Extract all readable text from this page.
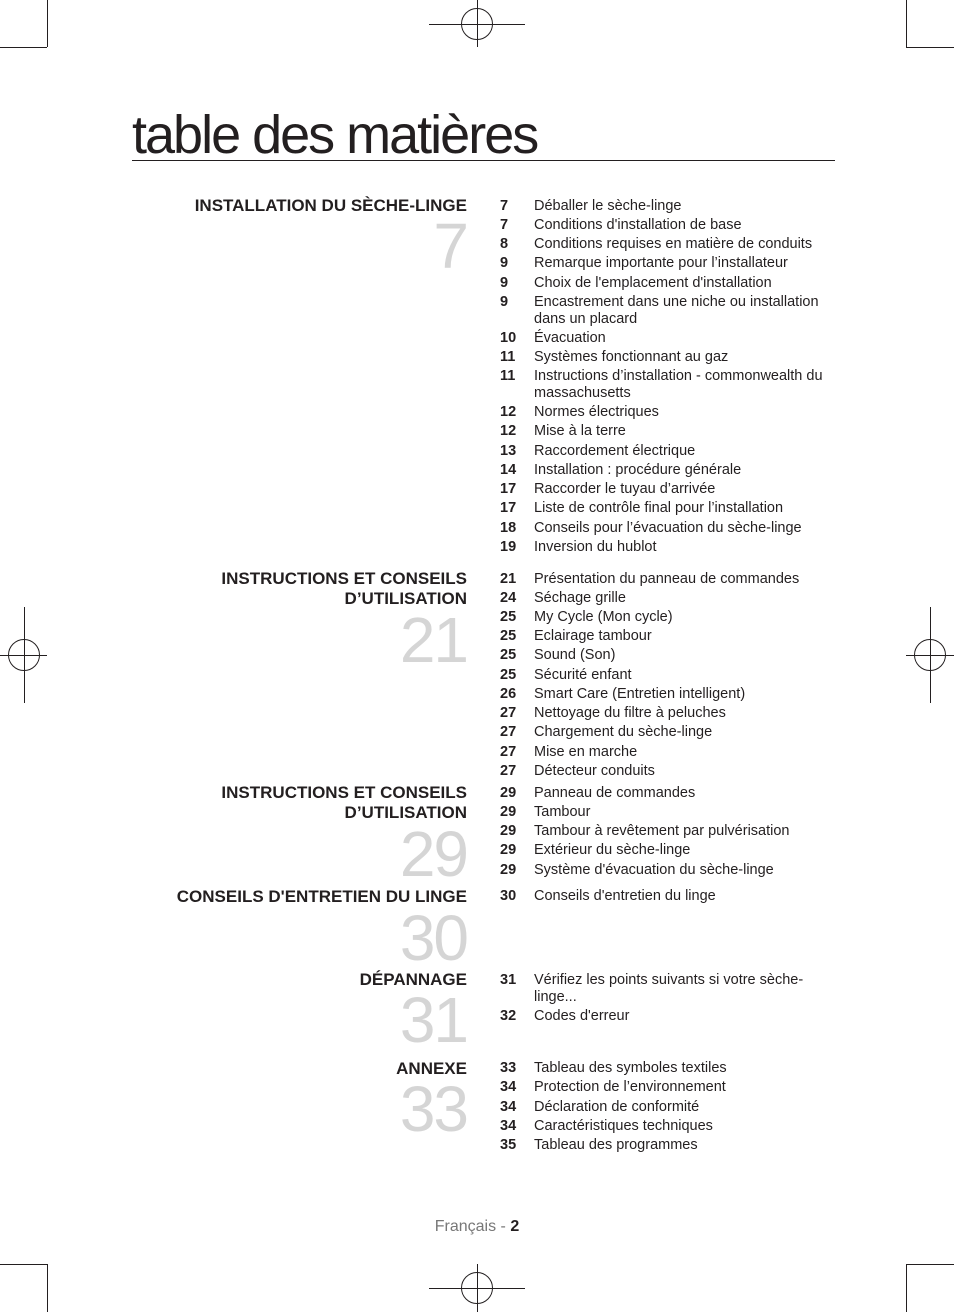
table des matières
INSTALLATION DU SÈCHE-LINGE
7
7	Déballer le sèche-linge
7	Conditions d'installation de base
8	Conditions requises en matière de conduits
9	Remarque importante pour l’installateur
9	Choix de l'emplacement d'installation
9	Encastrement dans une niche ou installation dans un placard
10	Évacuation
11	Systèmes fonctionnant au gaz
11	Instructions d’installation - commonwealth du massachusetts
12	Normes électriques
12	Mise à la terre
13	Raccordement électrique
14	Installation : procédure générale
17	Raccorder le tuyau d’arrivée
17	Liste de contrôle final pour l’installation
18	Conseils pour l’évacuation du sèche-linge
19	Inversion du hublot
INSTRUCTIONS ET CONSEILS D’UTILISATION
21
21	Présentation du panneau de commandes
24	Séchage grille
25	My Cycle (Mon cycle)
25	Eclairage tambour
25	Sound (Son)
25	Sécurité enfant
26	Smart Care (Entretien intelligent)
27	Nettoyage du filtre à peluches
27	Chargement du sèche-linge
27	Mise en marche
27	Détecteur conduits
INSTRUCTIONS ET CONSEILS D’UTILISATION
29
29	Panneau de commandes
29	Tambour
29	Tambour à revêtement par pulvérisation
29	Extérieur du sèche-linge
29	Système d'évacuation du sèche-linge
CONSEILS D'ENTRETIEN DU LINGE
30
30	Conseils d'entretien du linge
DÉPANNAGE
31
31	Vérifiez les points suivants si votre sèche-linge...
32	Codes d'erreur
ANNEXE
33
33	Tableau des symboles textiles
34	Protection de l’environnement
34	Déclaration de conformité
34	Caractéristiques techniques
35	Tableau des programmes
Français - 2
